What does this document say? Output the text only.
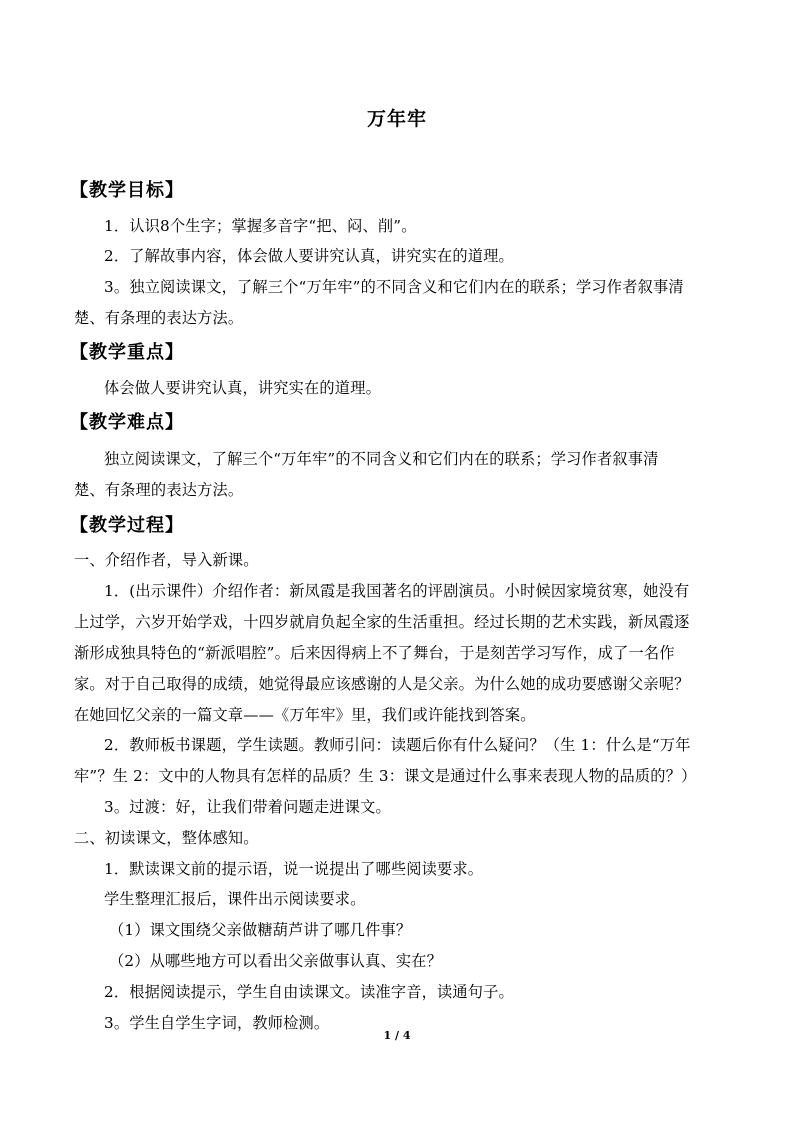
万年牢
【教学目标】
1．认识8个生字；掌握多音字“把、闷、削”。
2．了解故事内容，体会做人要讲究认真，讲究实在的道理。
3。独立阅读课文，了解三个“万年牢”的不同含义和它们内在的联系；学习作者叙事清
楚、有条理的表达方法。
【教学重点】
体会做人要讲究认真，讲究实在的道理。
【教学难点】
独立阅读课文，了解三个“万年牢”的不同含义和它们内在的联系；学习作者叙事清
楚、有条理的表达方法。
【教学过程】
一、介绍作者，导入新课。
1．(出示课件）介绍作者：新凤霞是我国著名的评剧演员。小时候因家境贫寒，她没有
上过学，六岁开始学戏，十四岁就肩负起全家的生活重担。经过长期的艺术实践，新凤霞逐
渐形成独具特色的“新派唱腔”。后来因得病上不了舞台，于是刻苦学习写作，成了一名作
家。对于自己取得的成绩，她觉得最应该感谢的人是父亲。为什么她的成功要感谢父亲呢？
在她回忆父亲的一篇文章——《万年牢》里，我们或许能找到答案。
2．教师板书课题，学生读题。教师引问：读题后你有什么疑问？（生 1：什么是“万年
牢”？生 2：文中的人物具有怎样的品质？生 3：课文是通过什么事来表现人物的品质的？）
3。过渡：好，让我们带着问题走进课文。
二、初读课文，整体感知。
1．默读课文前的提示语，说一说提出了哪些阅读要求。
学生整理汇报后，课件出示阅读要求。
（1）课文围绕父亲做糖葫芦讲了哪几件事？
（2）从哪些地方可以看出父亲做事认真、实在？
2．根据阅读提示，学生自由读课文。读准字音，读通句子。
3。学生自学生字词，教师检测。
1 / 4
